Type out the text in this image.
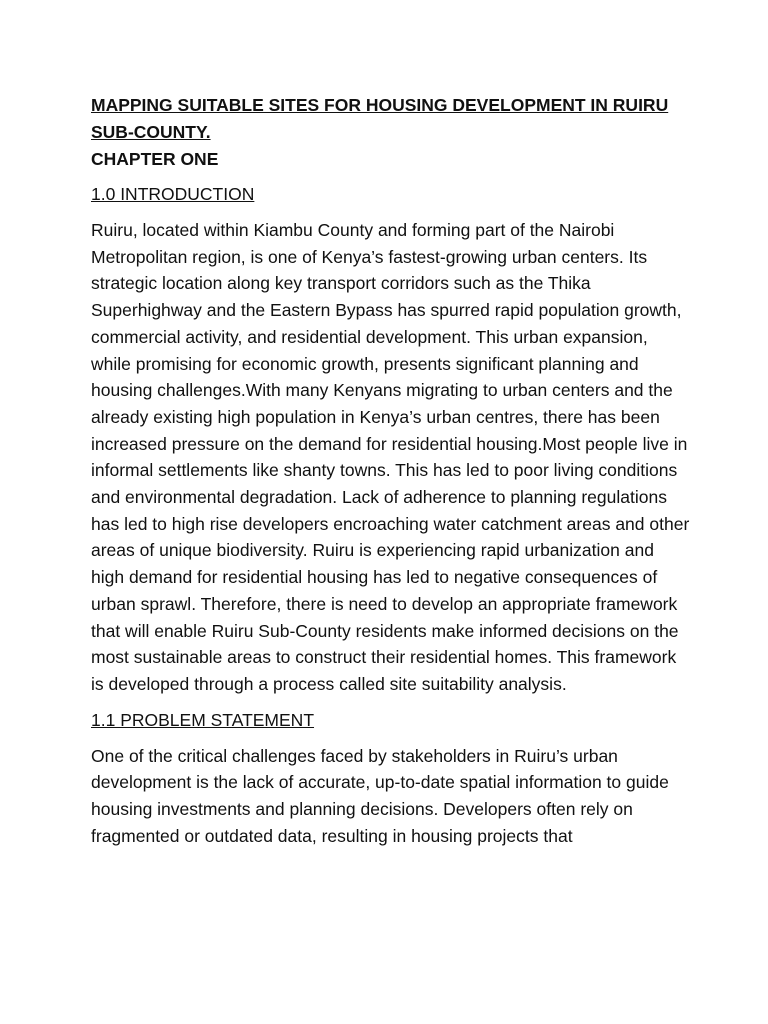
MAPPING SUITABLE SITES FOR HOUSING DEVELOPMENT IN RUIRU SUB-COUNTY.

CHAPTER ONE

1.0 INTRODUCTION

Ruiru, located within Kiambu County and forming part of the Nairobi Metropolitan region, is one of Kenya’s fastest-growing urban centers. Its strategic location along key transport corridors such as the Thika Superhighway and the Eastern Bypass has spurred rapid population growth, commercial activity, and residential development. This urban expansion, while promising for economic growth, presents significant planning and housing challenges.With many Kenyans migrating to urban centers and the already existing high population in Kenya’s urban centres, there has been increased pressure on the demand for residential housing.Most people live in informal settlements like shanty towns. This has led to poor living conditions and environmental degradation. Lack of adherence to planning regulations has led to high rise developers encroaching water catchment areas and other areas of unique biodiversity. Ruiru is experiencing rapid urbanization and high demand for residential housing has led to negative consequences of urban sprawl. Therefore, there is need to develop an appropriate framework that will enable Ruiru Sub-County residents make informed decisions on the most sustainable areas to construct their residential homes. This framework is developed through a process called site suitability analysis.

1.1 PROBLEM STATEMENT

One of the critical challenges faced by stakeholders in Ruiru’s urban development is the lack of accurate, up-to-date spatial information to guide housing investments and planning decisions. Developers often rely on fragmented or outdated data, resulting in housing projects that
